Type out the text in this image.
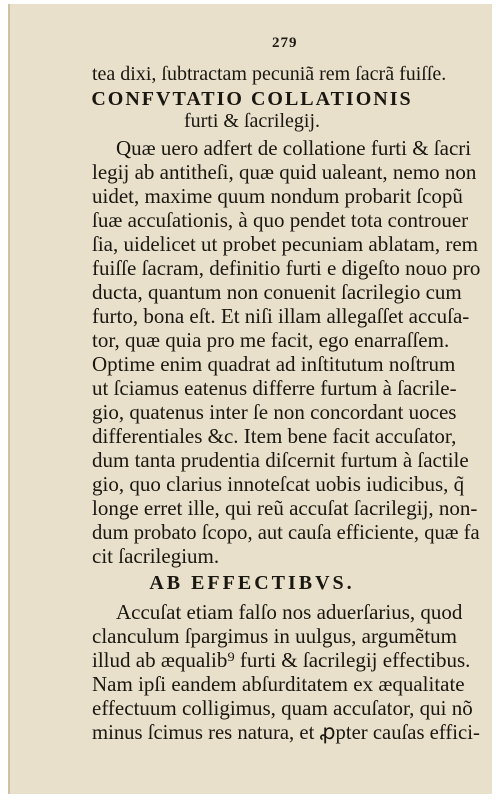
279
tea dixi, ſubtractam pecuniã rem ſacrã fuiſſe.
CONFVTATIO COLLATIONIS
furti & ſacrilegij.
Quæ uero adfert de collatione furti & ſacri
legij ab antitheſi, quæ quid ualeant, nemo non
uidet, maxime quum nondum probarit ſcopũ
ſuæ accuſationis, à quo pendet tota controuer
ſia, uidelicet ut probet pecuniam ablatam, rem
fuiſſe ſacram, definitio furti e digeſto nouo pro
ducta, quantum non conuenit ſacrilegio cum
furto, bona eſt. Et niſi illam allegaſſet accuſa-
tor, quæ quia pro me facit, ego enarraſſem.
Optime enim quadrat ad inſtitutum noſtrum
ut ſciamus eatenus differre furtum à ſacrile-
gio, quatenus inter ſe non concordant uoces
differentiales &c. Item bene facit accuſator,
dum tanta prudentia diſcernit furtum à ſactile
gio, quo clarius innoteſcat uobis iudicibus, q̃
longe erret ille, qui reũ accuſat ſacrilegij, non-
dum probato ſcopo, aut cauſa efficiente, quæ fa
cit ſacrilegium.
AB EFFECTIBVS.
Accuſat etiam falſo nos aduerſarius, quod
clanculum ſpargimus in uulgus, argumẽtum
illud ab æqualib⁹ furti & ſacrilegij effectibus.
Nam ipſi eandem abſurditatem ex æqualitate
effectuum colligimus, quam accuſator, qui nõ
minus ſcimus res natura, et ꝓpter cauſas effici-
